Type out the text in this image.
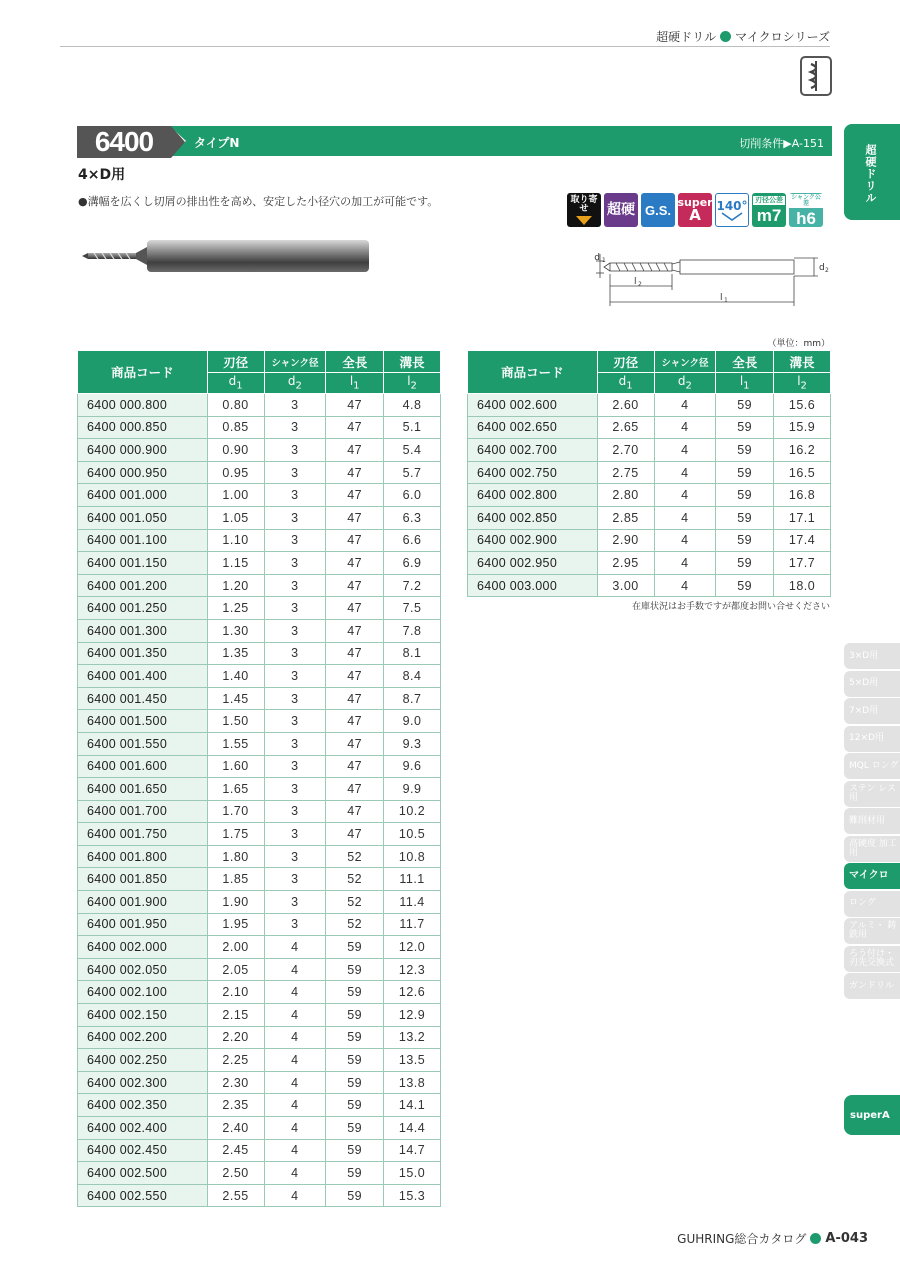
超硬ドリル マイクロシリーズ
タイプN	切削条件▶A-151
6400
4×D用
●溝幅を広くし切屑の排出性を高め、安定した小径穴の加工が可能です。	取り寄せ	超硬 G.S. super
A
140° 刃径公差
m7
シャンク公差
h6
d 1
d 2
l 2
l 1
（単位：mm）
商品コード	刃径	シャンク径	全長	溝長
	$d_1$	$d_2$	$l_1$	$l_2$
6400 000.800	0.80	3	47	4.8
6400 000.850	0.85	3	47	5.1
6400 000.900	0.90	3	47	5.4
6400 000.950	0.95	3	47	5.7
6400 001.000	1.00	3	47	6.0
6400 001.050	1.05	3	47	6.3
6400 001.100	1.10	3	47	6.6
6400 001.150	1.15	3	47	6.9
6400 001.200	1.20	3	47	7.2
6400 001.250	1.25	3	47	7.5
6400 001.300	1.30	3	47	7.8
6400 001.350	1.35	3	47	8.1
6400 001.400	1.40	3	47	8.4
6400 001.450	1.45	3	47	8.7
6400 001.500	1.50	3	47	9.0
6400 001.550	1.55	3	47	9.3
6400 001.600	1.60	3	47	9.6
6400 001.650	1.65	3	47	9.9
6400 001.700	1.70	3	47	10.2
6400 001.750	1.75	3	47	10.5
6400 001.800	1.80	3	52	10.8
6400 001.850	1.85	3	52	11.1
6400 001.900	1.90	3	52	11.4
6400 001.950	1.95	3	52	11.7
6400 002.000	2.00	4	59	12.0
6400 002.050	2.05	4	59	12.3
6400 002.100	2.10	4	59	12.6
6400 002.150	2.15	4	59	12.9
6400 002.200	2.20	4	59	13.2
6400 002.250	2.25	4	59	13.5
6400 002.300	2.30	4	59	13.8
6400 002.350	2.35	4	59	14.1
6400 002.400	2.40	4	59	14.4
6400 002.450	2.45	4	59	14.7
6400 002.500	2.50	4	59	15.0
6400 002.550	2.55	4	59	15.3
商品コード	刃径	シャンク径	全長	溝長
	$d_1$	$d_2$	$l_1$	$l_2$
6400 002.600	2.60	4	59	15.6
6400 002.650	2.65	4	59	15.9
6400 002.700	2.70	4	59	16.2
6400 002.750	2.75	4	59	16.5
6400 002.800	2.80	4	59	16.8
6400 002.850	2.85	4	59	17.1
6400 002.900	2.90	4	59	17.4
6400 002.950	2.95	4	59	17.7
6400 003.000	3.00	4	59	18.0
在庫状況はお手数ですが都度お問い合せください
超硬ドリル
3×D用
5×D用
7×D用
12×D用
MQL ロング
ステン レス用
難削材用
高硬度 加工用
マイクロ
ロング
アルミ・ 鋳鉄用
ろう付け・ 刃先交換式
ガンドリル
superA
GUHRING総合カタログ A-043
